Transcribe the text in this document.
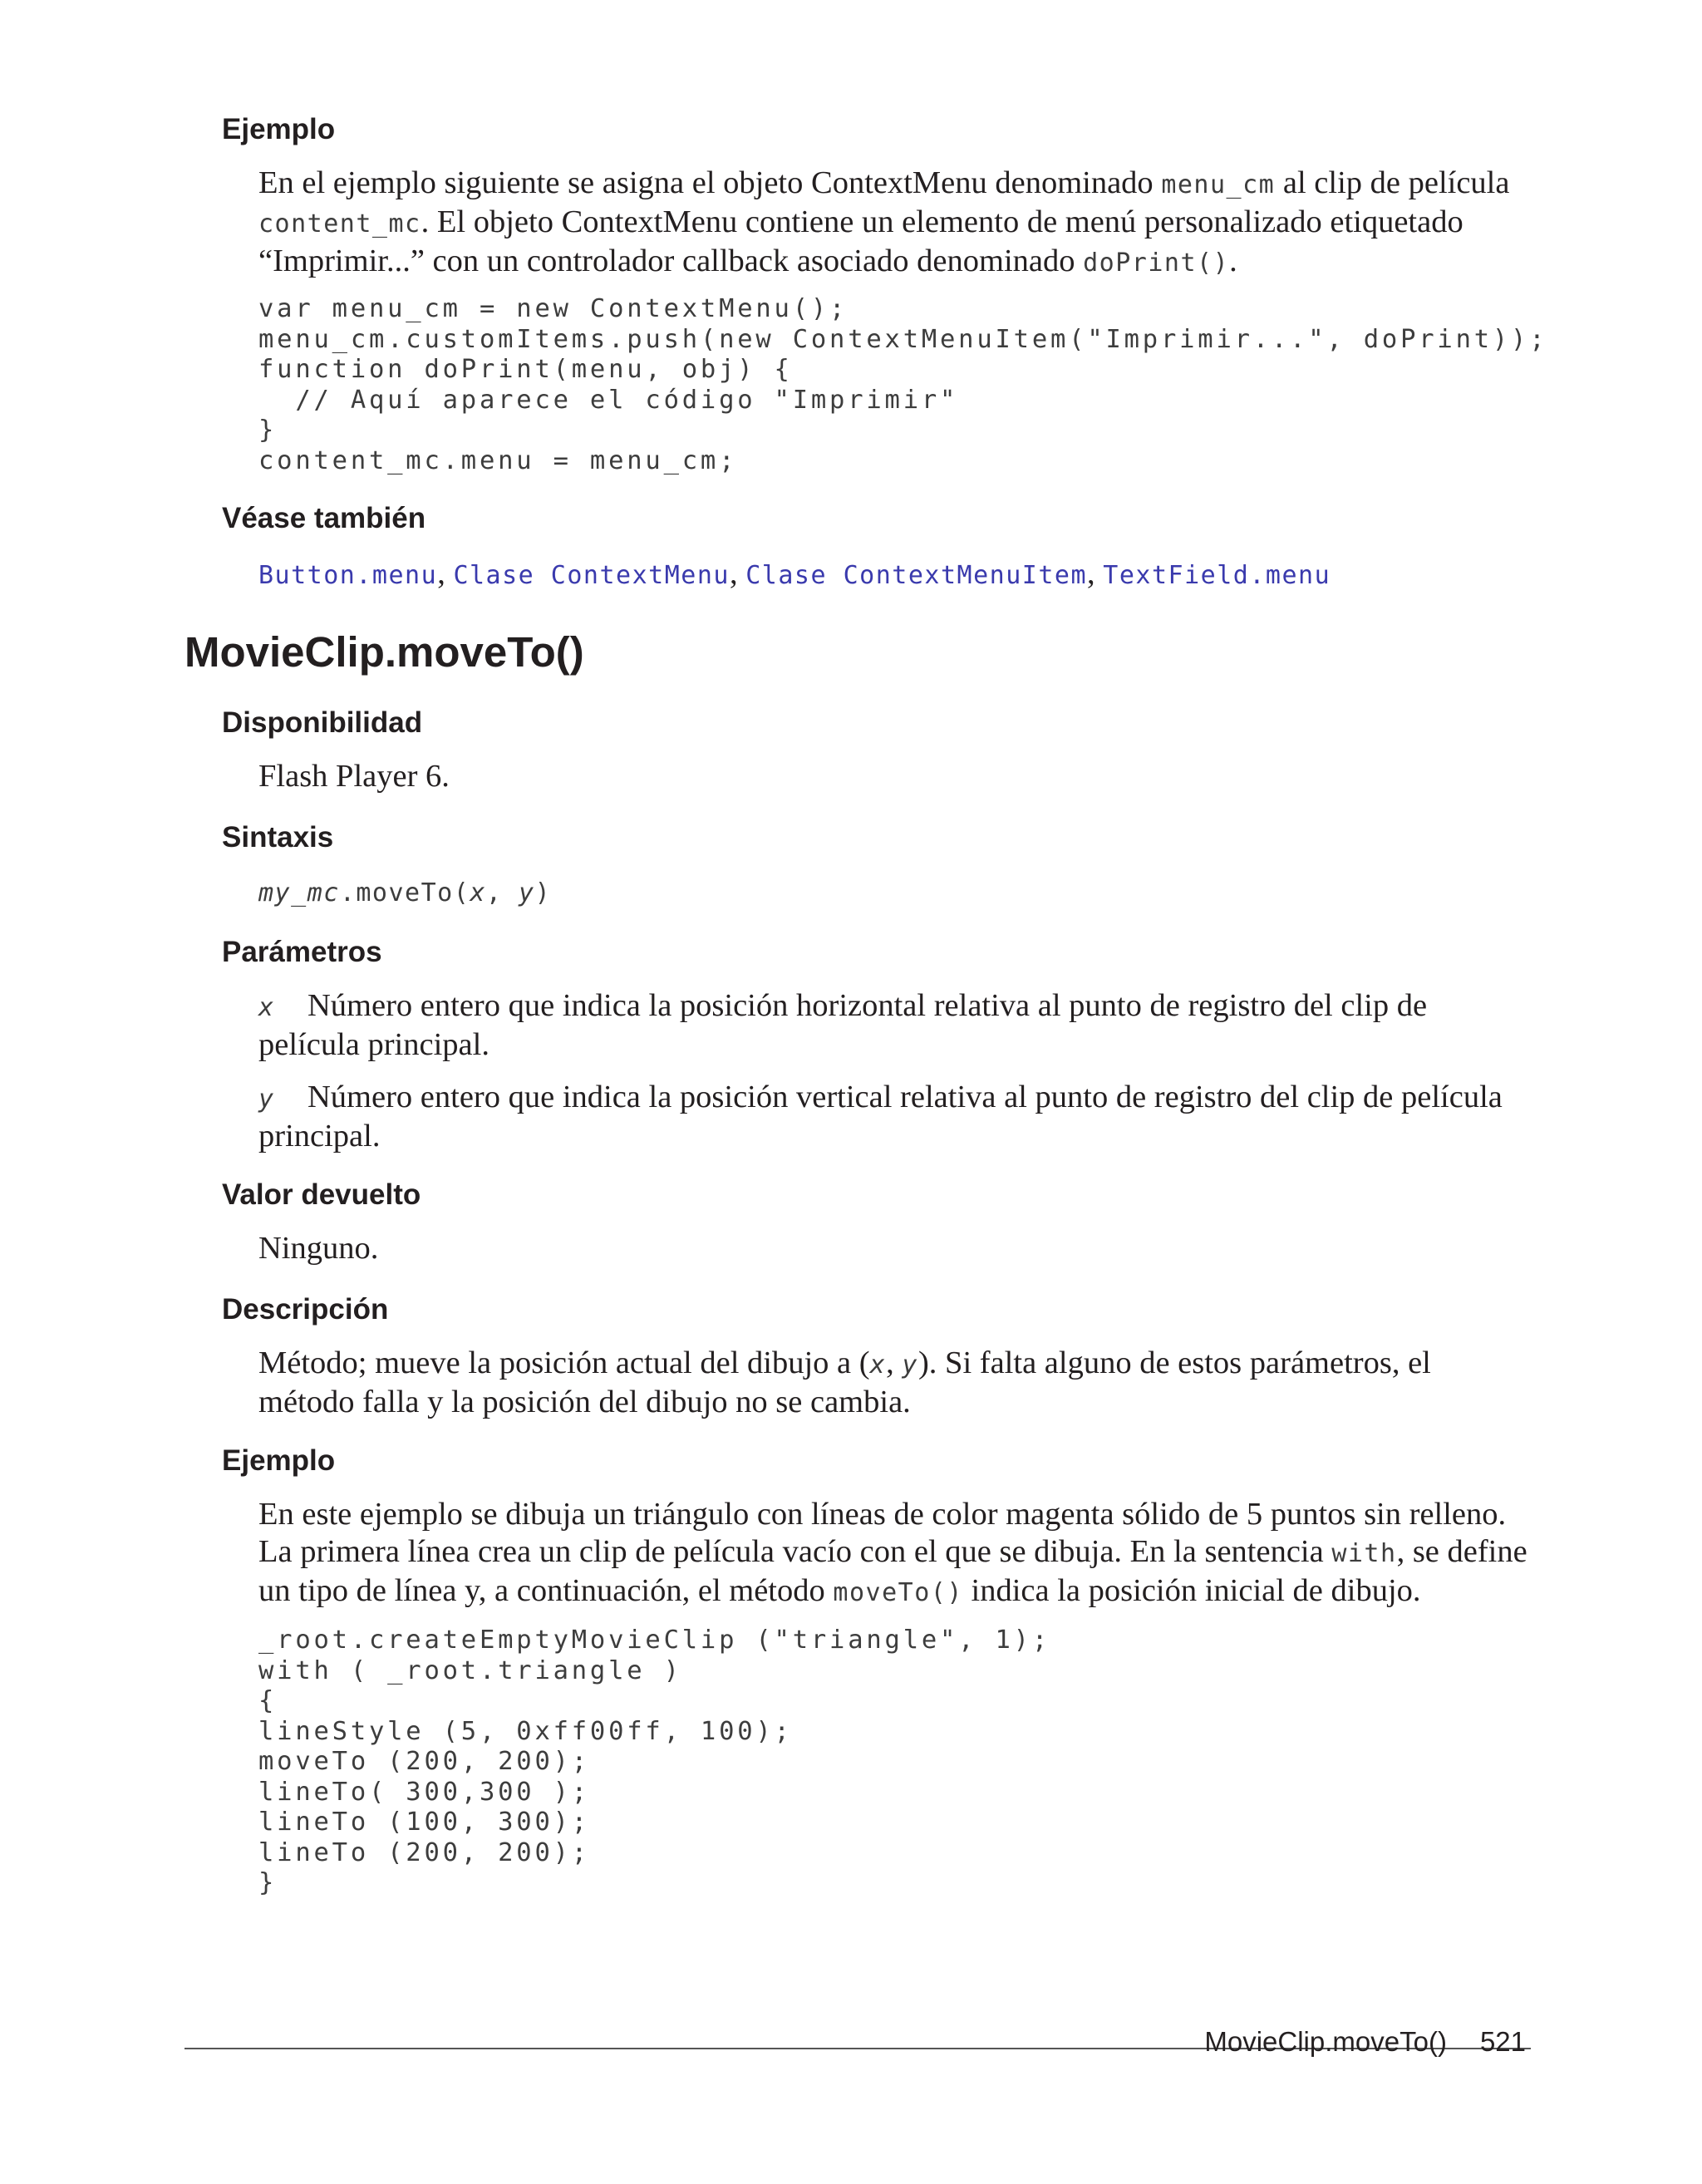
Ejemplo

En el ejemplo siguiente se asigna el objeto ContextMenu denominado menu_cm al clip de película content_mc. El objeto ContextMenu contiene un elemento de menú personalizado etiquetado “Imprimir...” con un controlador callback asociado denominado doPrint().

var menu_cm = new ContextMenu();
menu_cm.customItems.push(new ContextMenuItem("Imprimir...", doPrint));
function doPrint(menu, obj) {
// Aquí aparece el código "Imprimir"
}
content_mc.menu = menu_cm;
Véase también

Button.menu, Clase ContextMenu, Clase ContextMenuItem, TextField.menu

MovieClip.moveTo()
Disponibilidad

Flash Player 6.

Sintaxis

my_mc.moveTo(x, y)

Parámetros

x Número entero que indica la posición horizontal relativa al punto de registro del clip de película principal.

y Número entero que indica la posición vertical relativa al punto de registro del clip de película principal.

Valor devuelto

Ninguno.

Descripción

Método; mueve la posición actual del dibujo a (x, y). Si falta alguno de estos parámetros, el método falla y la posición del dibujo no se cambia.

Ejemplo

En este ejemplo se dibuja un triángulo con líneas de color magenta sólido de 5 puntos sin relleno. La primera línea crea un clip de película vacío con el que se dibuja. En la sentencia with, se define un tipo de línea y, a continuación, el método moveTo() indica la posición inicial de dibujo.

_root.createEmptyMovieClip ("triangle", 1);
with ( _root.triangle )
{
lineStyle (5, 0xff00ff, 100);
moveTo (200, 200);
lineTo( 300,300 );
lineTo (100, 300);
lineTo (200, 200);
}
MovieClip.moveTo() 521
